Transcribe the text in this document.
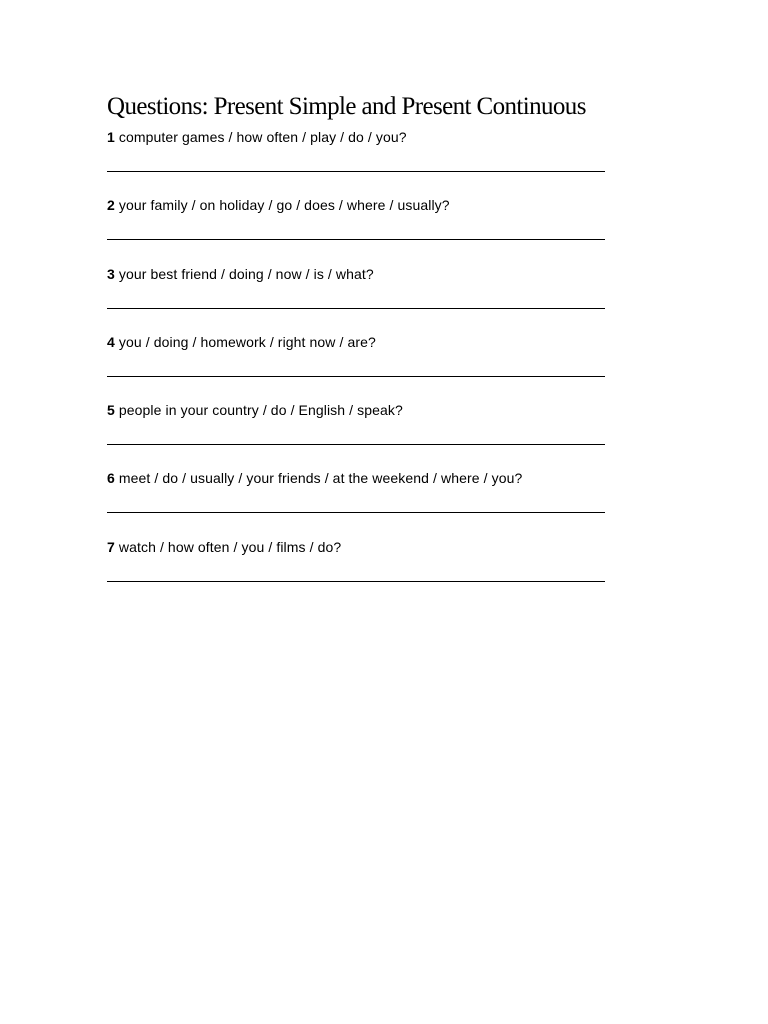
Questions: Present Simple and Present Continuous
1 computer games / how often / play / do / you?
2 your family / on holiday / go / does / where / usually?
3 your best friend / doing / now / is / what?
4 you / doing / homework / right now / are?
5 people in your country / do / English / speak?
6 meet / do / usually / your friends / at the weekend / where / you?
7 watch / how often / you / films / do?
